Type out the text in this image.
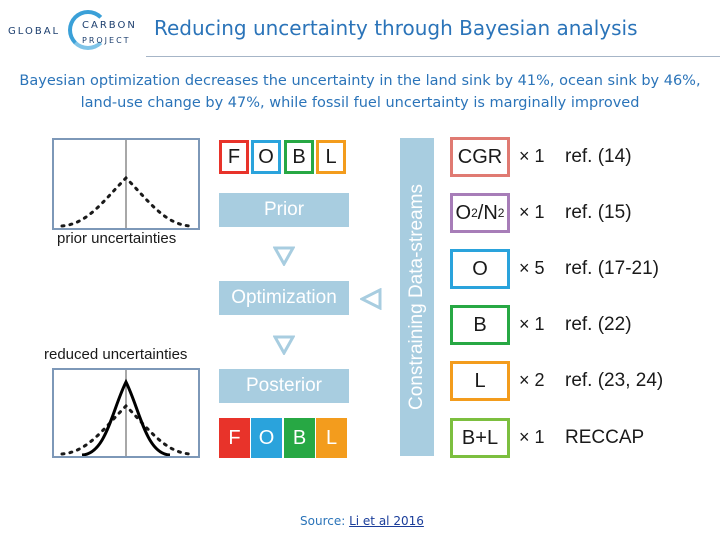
GLOBAL
CARBON
PROJECT
Reducing uncertainty through Bayesian analysis
Bayesian optimization decreases the uncertainty in the land sink by 41%, ocean sink by 46%,
land-use change by 47%, while fossil fuel uncertainty is marginally improved
prior uncertainties
reduced uncertainties
F O B L
Prior
Optimization
Posterior
F O B L
Constraining Data-streams
CGR × 1 ref. (14)
O 2 /N 2 × 1 ref. (15)
O	× 5 ref. (17-21)
B	× 1 ref. (22)
L	× 2 ref. (23, 24)
B+L	× 1 RECCAP
Source: Li et al 2016
